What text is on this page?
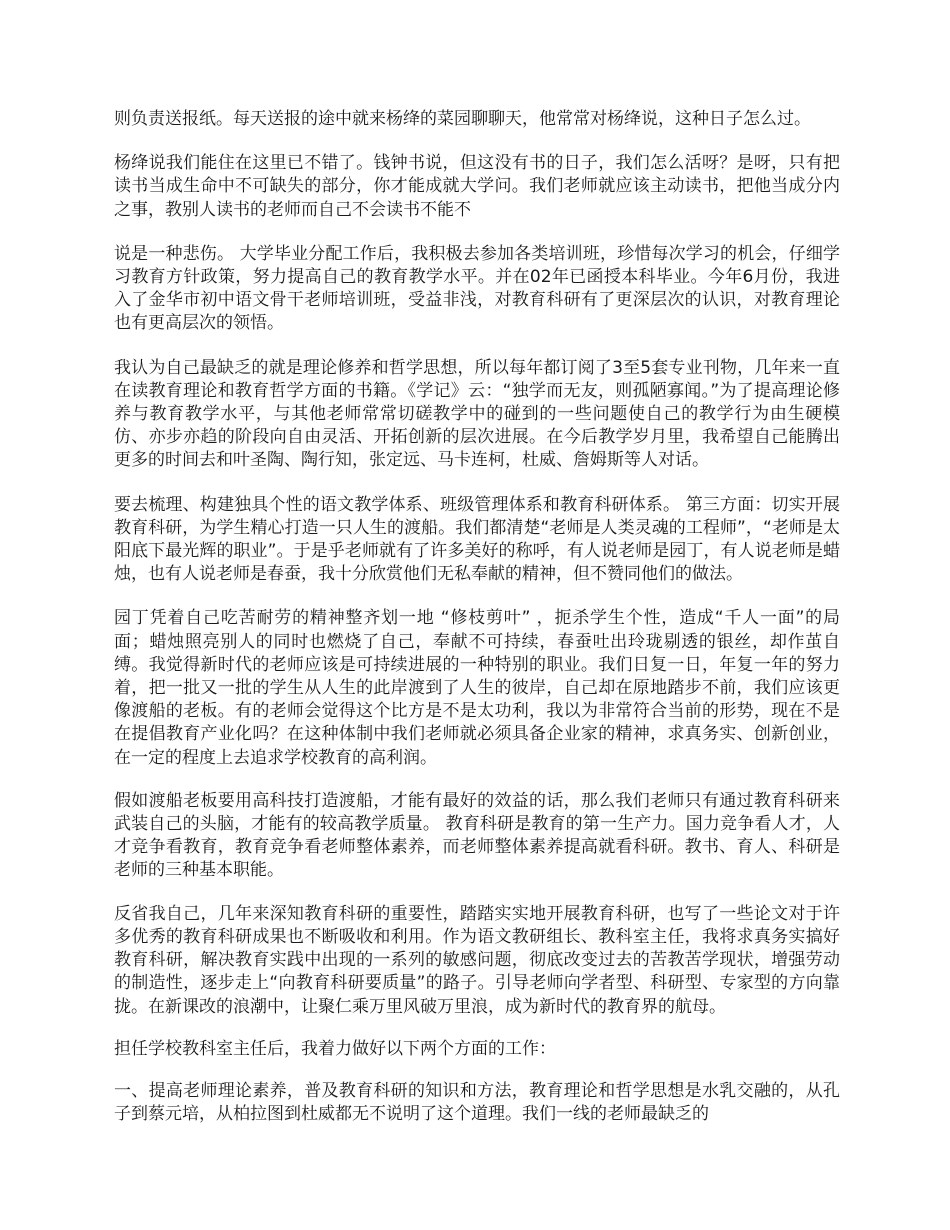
则负责送报纸。每天送报的途中就来杨绛的菜园聊聊天，他常常对杨绛说，这种日子怎么过。

杨绛说我们能住在这里已不错了。钱钟书说，但这没有书的日子，我们怎么活呀？是呀，只有把读书当成生命中不可缺失的部分，你才能成就大学问。我们老师就应该主动读书，把他当成分内之事，教别人读书的老师而自己不会读书不能不

说是一种悲伤。 大学毕业分配工作后，我积极去参加各类培训班，珍惜每次学习的机会，仔细学习教育方针政策，努力提高自己的教育教学水平。并在02年已函授本科毕业。今年6月份，我进入了金华市初中语文骨干老师培训班，受益非浅，对教育科研有了更深层次的认识，对教育理论也有更高层次的领悟。

我认为自己最缺乏的就是理论修养和哲学思想，所以每年都订阅了3至5套专业刊物，几年来一直在读教育理论和教育哲学方面的书籍。《学记》云：“独学而无友，则孤陋寡闻。”为了提高理论修养与教育教学水平，与其他老师常常切磋教学中的碰到的一些问题使自己的教学行为由生硬模仿、亦步亦趋的阶段向自由灵活、开拓创新的层次进展。在今后教学岁月里，我希望自己能腾出更多的时间去和叶圣陶、陶行知，张定远、马卡连柯，杜威、詹姆斯等人对话。

要去梳理、构建独具个性的语文教学体系、班级管理体系和教育科研体系。 第三方面：切实开展教育科研，为学生精心打造一只人生的渡船。我们都清楚“老师是人类灵魂的工程师”，“老师是太阳底下最光辉的职业”。于是乎老师就有了许多美好的称呼，有人说老师是园丁，有人说老师是蜡烛，也有人说老师是春蚕，我十分欣赏他们无私奉献的精神，但不赞同他们的做法。

园丁凭着自己吃苦耐劳的精神整齐划一地 “修枝剪叶” ，扼杀学生个性，造成“千人一面”的局面；蜡烛照亮别人的同时也燃烧了自己，奉献不可持续，春蚕吐出玲珑剔透的银丝，却作茧自缚。我觉得新时代的老师应该是可持续进展的一种特别的职业。我们日复一日，年复一年的努力着，把一批又一批的学生从人生的此岸渡到了人生的彼岸，自己却在原地踏步不前，我们应该更像渡船的老板。有的老师会觉得这个比方是不是太功利，我以为非常符合当前的形势，现在不是在提倡教育产业化吗？在这种体制中我们老师就必须具备企业家的精神，求真务实、创新创业，在一定的程度上去追求学校教育的高利润。

假如渡船老板要用高科技打造渡船，才能有最好的效益的话，那么我们老师只有通过教育科研来武装自己的头脑，才能有的较高教学质量。 教育科研是教育的第一生产力。国力竞争看人才，人才竞争看教育，教育竞争看老师整体素养，而老师整体素养提高就看科研。教书、育人、科研是老师的三种基本职能。

反省我自己，几年来深知教育科研的重要性，踏踏实实地开展教育科研，也写了一些论文对于许多优秀的教育科研成果也不断吸收和利用。作为语文教研组长、教科室主任，我将求真务实搞好教育科研，解决教育实践中出现的一系列的敏感问题，彻底改变过去的苦教苦学现状，增强劳动的制造性，逐步走上“向教育科研要质量”的路子。引导老师向学者型、科研型、专家型的方向靠拢。在新课改的浪潮中，让聚仁乘万里风破万里浪，成为新时代的教育界的航母。

担任学校教科室主任后，我着力做好以下两个方面的工作：

一、提高老师理论素养，普及教育科研的知识和方法，教育理论和哲学思想是水乳交融的，从孔子到蔡元培，从柏拉图到杜威都无不说明了这个道理。我们一线的老师最缺乏的
